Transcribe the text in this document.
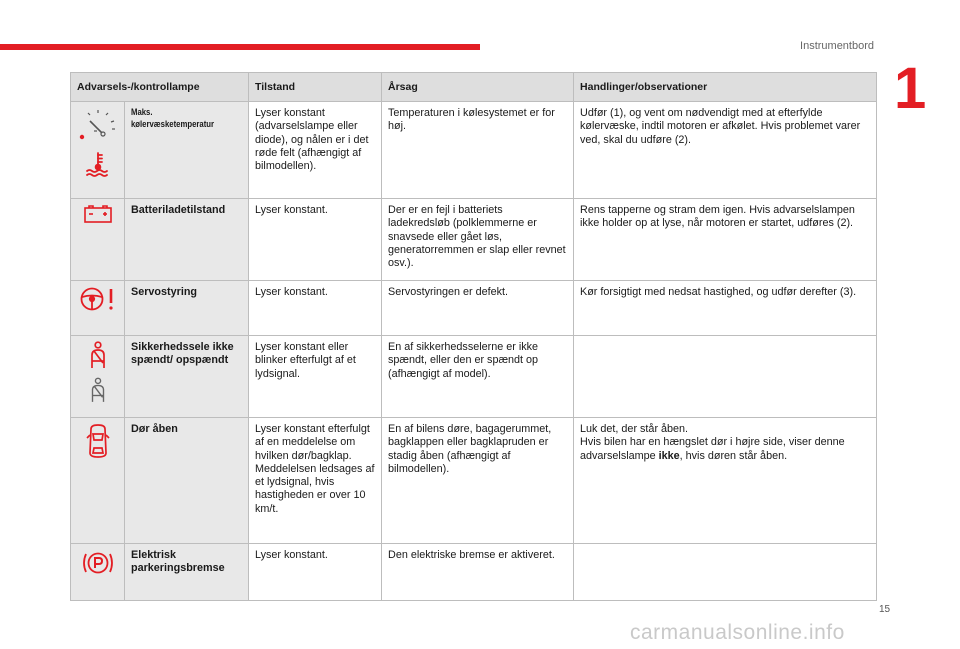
Instrumentbord
1
Advarsels-/kontrollampe		Tilstand	Årsag	Handlinger/observationer

	Maks. kølervæsketemperatur	Lyser konstant (advarselslampe eller diode), og nålen er i det røde felt (afhængigt af bilmodellen).	Temperaturen i kølesystemet er for høj.	Udfør (1), og vent om nødvendigt med at efterfylde kølervæske, indtil motoren er afkølet. Hvis problemet varer ved, skal du udføre (2).

	Batteriladetilstand	Lyser konstant.	Der er en fejl i batteriets ladekredsløb (polklemmerne er snavsede eller gået løs, generatorremmen er slap eller revnet osv.).	Rens tapperne og stram dem igen. Hvis advarselslampen ikke holder op at lyse, når motoren er startet, udføres (2).

	Servostyring	Lyser konstant.	Servostyringen er defekt.	Kør forsigtigt med nedsat hastighed, og udfør derefter (3).

	Sikkerhedssele ikke spændt/ opspændt	Lyser konstant eller blinker efterfulgt af et lydsignal.	En af sikkerhedsselerne er ikke spændt, eller den er spændt op (afhængigt af model).	

	Dør åben	Lyser konstant efterfulgt af en meddelelse om hvilken dør/bagklap. Meddelelsen ledsages af et lydsignal, hvis hastigheden er over 10 km/t.	En af bilens døre, bagagerummet, bagklappen eller bagklapruden er stadig åben (afhængigt af bilmodellen).	Luk det, der står åben.
Hvis bilen har en hængslet dør i højre side, viser denne advarselslampe ikke, hvis døren står åben.

	Elektrisk parkeringsbremse	Lyser konstant.	Den elektriske bremse er aktiveret.	
15
carmanualsonline.info
